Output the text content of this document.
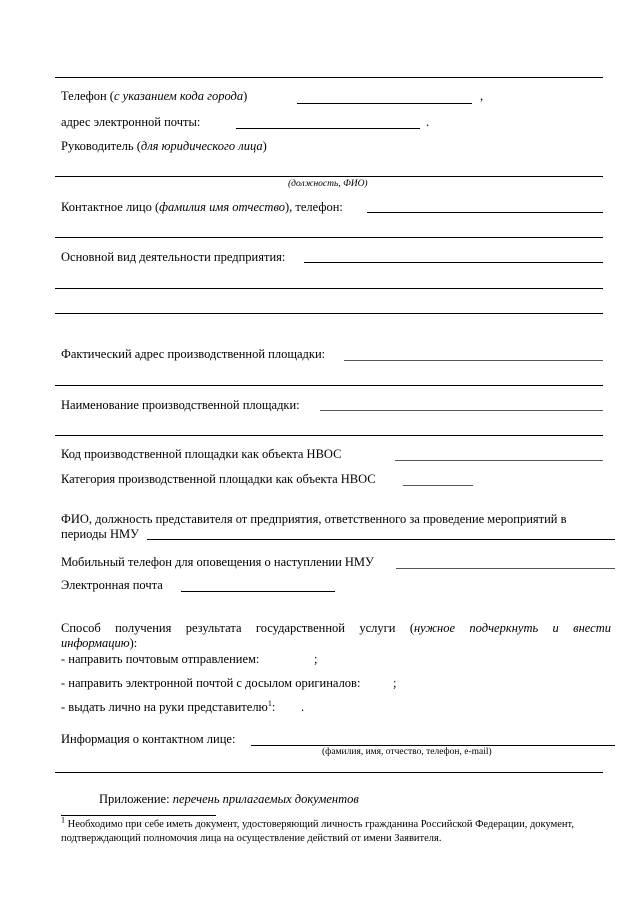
Телефон (с указанием кода города)	,
адрес электронной почты:	.
Руководитель (для юридического лица)
(должность, ФИО)
Контактное лицо (фамилия имя отчество), телефон:
Основной вид деятельности предприятия:
Фактический адрес производственной площадки:
Наименование производственной площадки:
Код производственной площадки как объекта НВОС
Категория производственной площадки как объекта НВОС
ФИО, должность представителя от предприятия, ответственного за проведение мероприятий в
периоды НМУ
Мобильный телефон для оповещения о наступлении НМУ
Электронная почта
Способ получения результата государственной услуги (нужное подчеркнуть и внести
информацию):
- направить почтовым отправлением:	;
- направить электронной почтой с досылом оригиналов:	;
- выдать лично на руки представителю$^1$: .
Информация о контактном лице:
(фамилия, имя, отчество, телефон, e-mail)
Приложение: перечень прилагаемых документов
$^1$ Необходимо при себе иметь документ, удостоверяющий личность гражданина Российской Федерации, документ,
подтверждающий полномочия лица на осуществление действий от имени Заявителя.
